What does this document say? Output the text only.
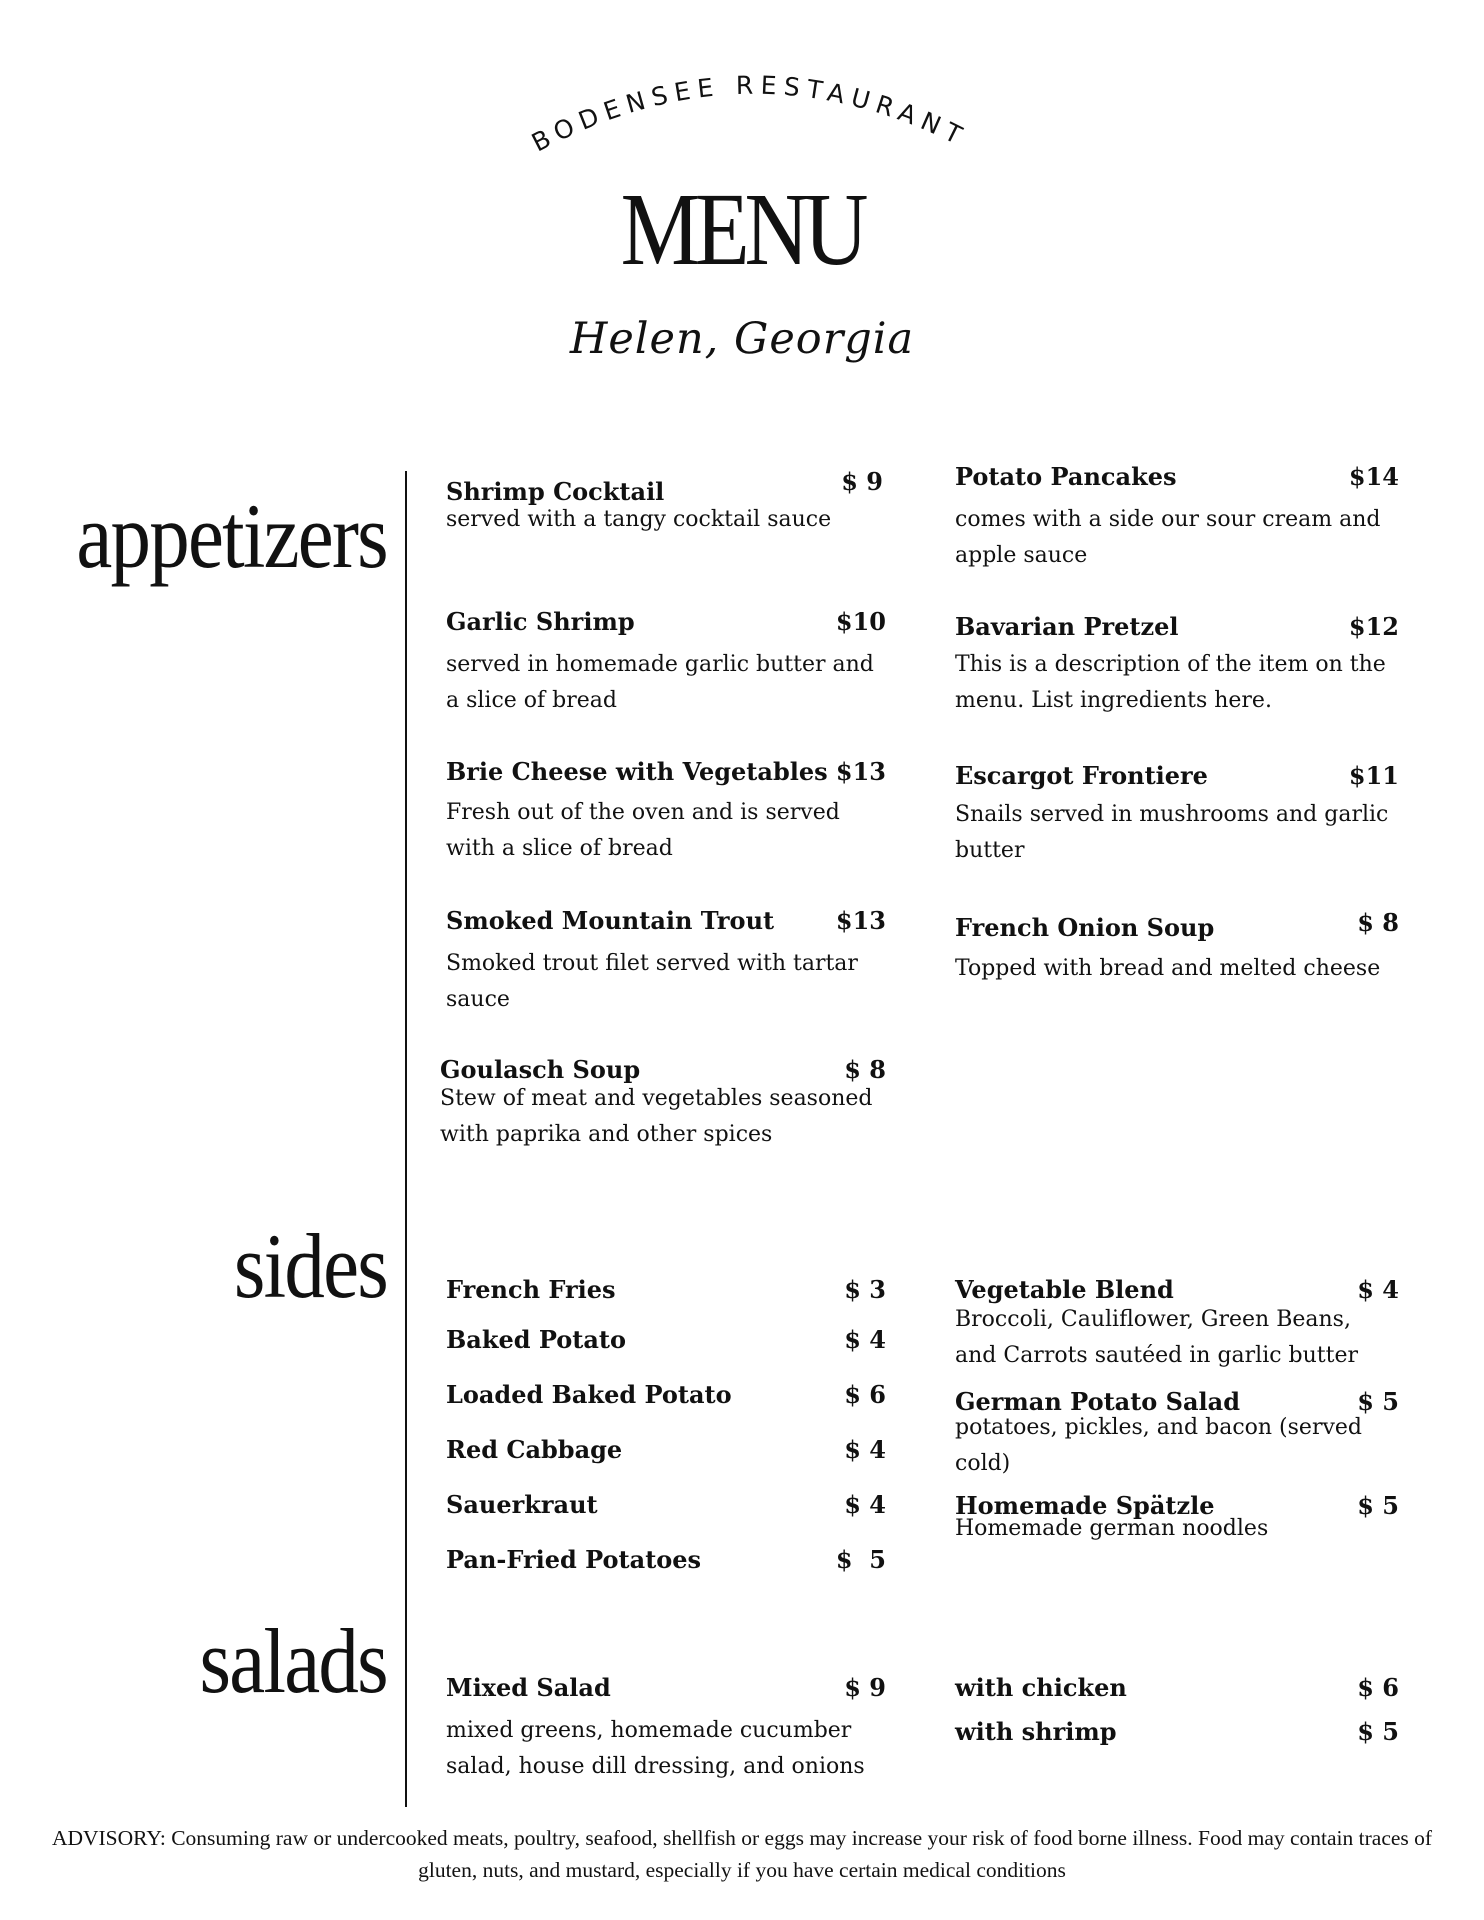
BODENSEE RESTAURANT
MENU
Helen, Georgia
appetizers
sides
salads
Shrimp Cocktail	$ 9
served with a tangy cocktail sauce
Garlic Shrimp	$10
served in homemade garlic butter and a slice of bread
Brie Cheese with Vegetables $13
Fresh out of the oven and is served with a slice of bread
Smoked Mountain Trout	$13
Smoked trout filet served with tartar sauce
Goulasch Soup	$ 8
Stew of meat and vegetables seasoned with paprika and other spices
Potato Pancakes	$14
comes with a side our sour cream and apple sauce
Bavarian Pretzel	$12
This is a description of the item on the menu. List ingredients here.
Escargot Frontiere	$11
Snails served in mushrooms and garlic butter
French Onion Soup	$ 8
Topped with bread and melted cheese
French Fries	$ 3
Baked Potato	$ 4
Loaded Baked Potato	$ 6
Red Cabbage	$ 4
Sauerkraut	$ 4
Pan-Fried Potatoes	$  5
Vegetable Blend	$ 4
Broccoli, Cauliflower, Green Beans, and Carrots sautéed in garlic butter
German Potato Salad	$ 5
potatoes, pickles, and bacon (served cold)
Homemade Spätzle	$ 5
Homemade german noodles
Mixed Salad	$ 9
mixed greens, homemade cucumber salad, house dill dressing, and onions
with chicken	$ 6
with shrimp	$ 5
ADVISORY: Consuming raw or undercooked meats, poultry, seafood, shellfish or eggs may increase your risk of food borne illness. Food may contain traces of gluten, nuts, and mustard, especially if you have certain medical conditions
